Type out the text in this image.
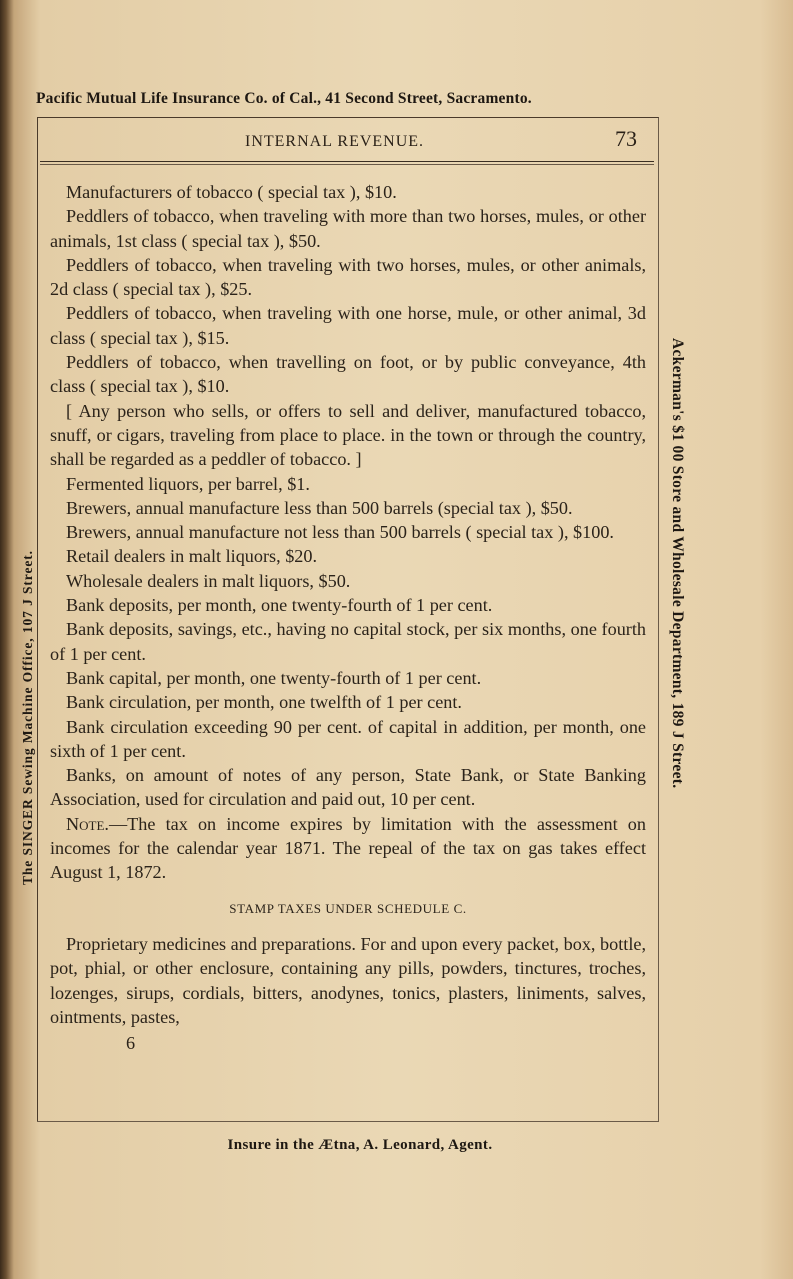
Pacific Mutual Life Insurance Co. of Cal., 41 Second Street, Sacramento.
INTERNAL REVENUE.	73

Manufacturers of tobacco ( special tax ), $10.

Peddlers of tobacco, when traveling with more than two horses, mules, or other animals, 1st class ( special tax ), $50.

Peddlers of tobacco, when traveling with two horses, mules, or other animals, 2d class ( special tax ), $25.

Peddlers of tobacco, when traveling with one horse, mule, or other animal, 3d class ( special tax ), $15.

Peddlers of tobacco, when travelling on foot, or by public conveyance, 4th class ( special tax ), $10.

[ Any person who sells, or offers to sell and deliver, manufactured tobacco, snuff, or cigars, traveling from place to place. in the town or through the country, shall be regarded as a peddler of tobacco. ]

Fermented liquors, per barrel, $1.

Brewers, annual manufacture less than 500 barrels (special tax ), $50.

Brewers, annual manufacture not less than 500 barrels ( special tax ), $100.

Retail dealers in malt liquors, $20.

Wholesale dealers in malt liquors, $50.

Bank deposits, per month, one twenty-fourth of 1 per cent.

Bank deposits, savings, etc., having no capital stock, per six months, one fourth of 1 per cent.

Bank capital, per month, one twenty-fourth of 1 per cent.

Bank circulation, per month, one twelfth of 1 per cent.

Bank circulation exceeding 90 per cent. of capital in addition, per month, one sixth of 1 per cent.

Banks, on amount of notes of any person, State Bank, or State Banking Association, used for circulation and paid out, 10 per cent.

Note.—The tax on income expires by limitation with the assessment on incomes for the calendar year 1871. The repeal of the tax on gas takes effect August 1, 1872.

STAMP TAXES UNDER SCHEDULE C.

Proprietary medicines and preparations. For and upon every packet, box, bottle, pot, phial, or other enclosure, containing any pills, powders, tinctures, troches, lozenges, sirups, cordials, bitters, anodynes, tonics, plasters, liniments, salves, ointments, pastes,

6

Insure in the Ætna, A. Leonard, Agent.
The SINGER Sewing Machine Office, 107 J Street.	Ackerman's $1 00 Store and Wholesale Department, 189 J Street.
